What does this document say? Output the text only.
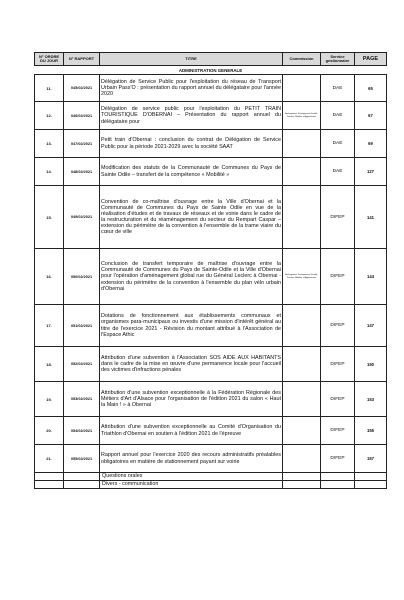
N° ORDRE DU JOUR	N° RAPPORT	TITRE	Commission	Service gestionnaire	PAGE
ADMINISTRATION GENERALE					
11.	045/02/2021	Délégation de Service Public pour l'exploitation du réseau de Transport Urbain Pass'O : présentation du rapport annuel du délégataire pour l'année 2020		DAE	65
12.	046/02/2021	Délégation de service public pour l'exploitation du PETIT TRAIN TOURISTIQUE D'OBERNAI – Présentation du rapport annuel du délégataire pour	Aménagement, Développement Durable, Tourisme, Mobilités et Agglomération	DAE	67
13.	047/02/2021	Petit train d'Obernai : conclusion du contrat de Délégation de Service Public pour la période 2021-2029 avec la société SAAT		DAE	69
14.	048/02/2021	Modification des statuts de la Communauté de Communes du Pays de Sainte Odile – transfert de la compétence « Mobilité »		DAE	127
15.	049/02/2021	Convention de co-maîtrise d'ouvrage entre la Ville d'Obernai et la Communauté de Communes du Pays de Sainte Odile en vue de la réalisation d'études et de travaux de réseaux et de voirie dans le cadre de la restructuration et du réaménagement du secteur du Rempart Caspar – extension du périmètre de la convention à l'ensemble de la trame viaire du cœur de ville		DIFEP	141
16.	050/02/2021	Conclusion de transfert temporaire de maîtrise d'ouvrage entre la Communauté de Communes du Pays de Sainte-Odile et la Ville d'Obernai pour l'opération d'aménagement global rue du Général Leclerc à Obernai - extension du périmètre de la convention à l'ensemble du plan vélo urbain d'Obernai	Aménagement, Développement Durable, Tourisme, Mobilités et Agglomération	DIFEP	144
17.	051/02/2021	Dotations de fonctionnement aux établissements communaux et organismes para-municipaux ou investis d'une mission d'intérêt général au titre de l'exercice 2021 - Révision du montant attribué à l'Association de l'Espace Athic		DIFEP	147
18.	052/02/2021	Attribution d'une subvention à l'Association SOS AIDE AUX HABITANTS dans le cadre de la mise en œuvre d'une permanence locale pour l'accueil des victimes d'infractions pénales		DIFEP	150
19.	053/02/2021	Attribution d'une subvention exceptionnelle à la Fédération Régionale des Métiers d'Art d'Alsace pour l'organisation de l'édition 2021 du salon « Haut la Main ! » à Obernai		DIFEP	153
20.	054/02/2021	Attribution d'une subvention exceptionnelle au Comité d'Organisation du Triathlon d'Obernai en soutien à l'édition 2021 de l'épreuve		DIFEP	155
21.	055/02/2021	Rapport annuel pour l'exercice 2020 des recours administratifs préalables obligatoires en matière de stationnement payant sur voirie		DIFEP	157
		Questions orales			
		Divers - communication			
